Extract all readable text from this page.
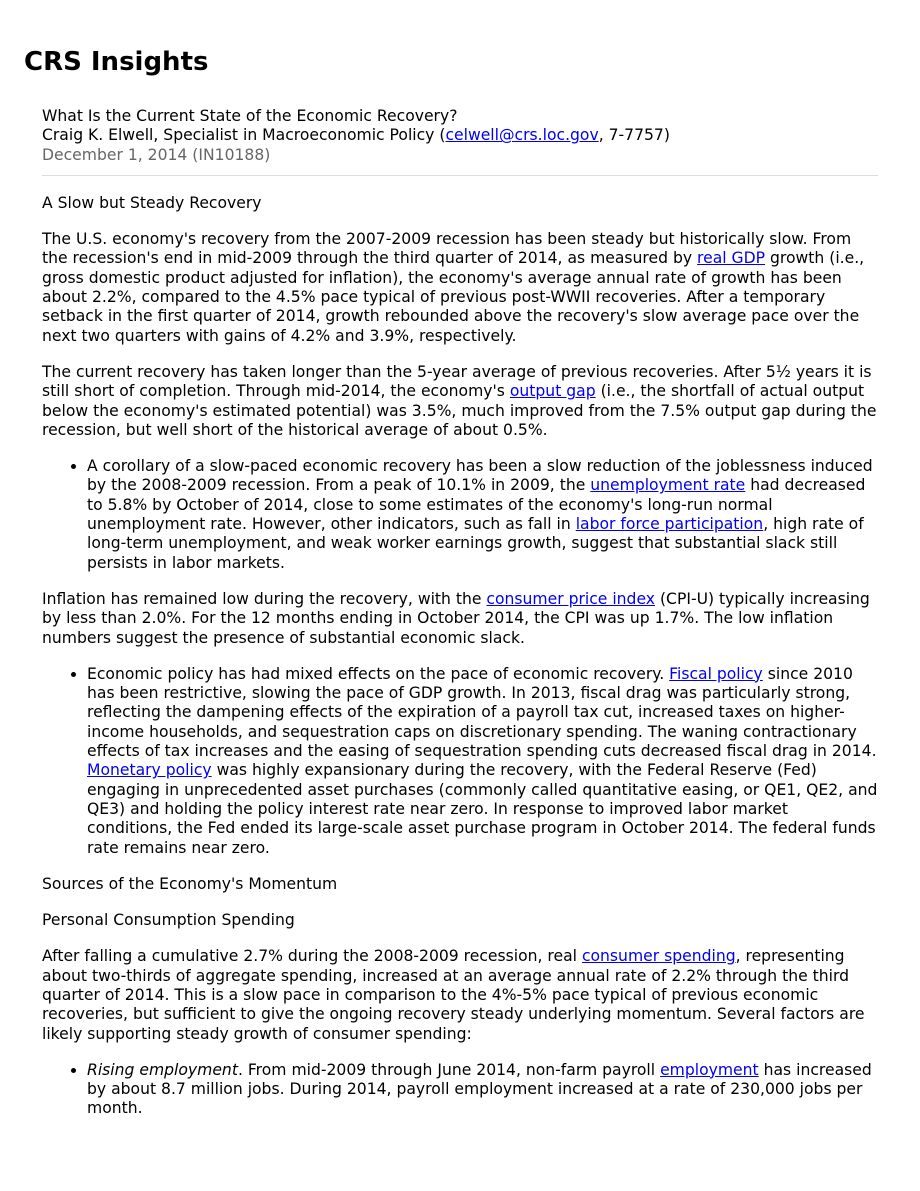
CRS Insights

What Is the Current State of the Economic Recovery?

Craig K. Elwell, Specialist in Macroeconomic Policy (celwell@crs.loc.gov, 7-7757)

December 1, 2014 (IN10188)

A Slow but Steady Recovery

The U.S. economy's recovery from the 2007-2009 recession has been steady but historically slow. From the recession's end in mid-2009 through the third quarter of 2014, as measured by real GDP growth (i.e., gross domestic product adjusted for inflation), the economy's average annual rate of growth has been about 2.2%, compared to the 4.5% pace typical of previous post-WWII recoveries. After a temporary setback in the first quarter of 2014, growth rebounded above the recovery's slow average pace over the next two quarters with gains of 4.2% and 3.9%, respectively.

The current recovery has taken longer than the 5-year average of previous recoveries. After 5½ years it is still short of completion. Through mid-2014, the economy's output gap (i.e., the shortfall of actual output below the economy's estimated potential) was 3.5%, much improved from the 7.5% output gap during the recession, but well short of the historical average of about 0.5%.

• A corollary of a slow-paced economic recovery has been a slow reduction of the joblessness induced by the 2008-2009 recession. From a peak of 10.1% in 2009, the unemployment rate had decreased to 5.8% by October of 2014, close to some estimates of the economy's long-run normal unemployment rate. However, other indicators, such as fall in labor force participation, high rate of long-term unemployment, and weak worker earnings growth, suggest that substantial slack still persists in labor markets.

Inflation has remained low during the recovery, with the consumer price index (CPI-U) typically increasing by less than 2.0%. For the 12 months ending in October 2014, the CPI was up 1.7%. The low inflation numbers suggest the presence of substantial economic slack.

• Economic policy has had mixed effects on the pace of economic recovery. Fiscal policy since 2010 has been restrictive, slowing the pace of GDP growth. In 2013, fiscal drag was particularly strong, reflecting the dampening effects of the expiration of a payroll tax cut, increased taxes on higher-income households, and sequestration caps on discretionary spending. The waning contractionary effects of tax increases and the easing of sequestration spending cuts decreased fiscal drag in 2014. Monetary policy was highly expansionary during the recovery, with the Federal Reserve (Fed) engaging in unprecedented asset purchases (commonly called quantitative easing, or QE1, QE2, and QE3) and holding the policy interest rate near zero. In response to improved labor market conditions, the Fed ended its large-scale asset purchase program in October 2014. The federal funds rate remains near zero.

Sources of the Economy's Momentum

Personal Consumption Spending

After falling a cumulative 2.7% during the 2008-2009 recession, real consumer spending, representing about two-thirds of aggregate spending, increased at an average annual rate of 2.2% through the third quarter of 2014. This is a slow pace in comparison to the 4%-5% pace typical of previous economic recoveries, but sufficient to give the ongoing recovery steady underlying momentum. Several factors are likely supporting steady growth of consumer spending:

• Rising employment. From mid-2009 through June 2014, non-farm payroll employment has increased by about 8.7 million jobs. During 2014, payroll employment increased at a rate of 230,000 jobs per month.
